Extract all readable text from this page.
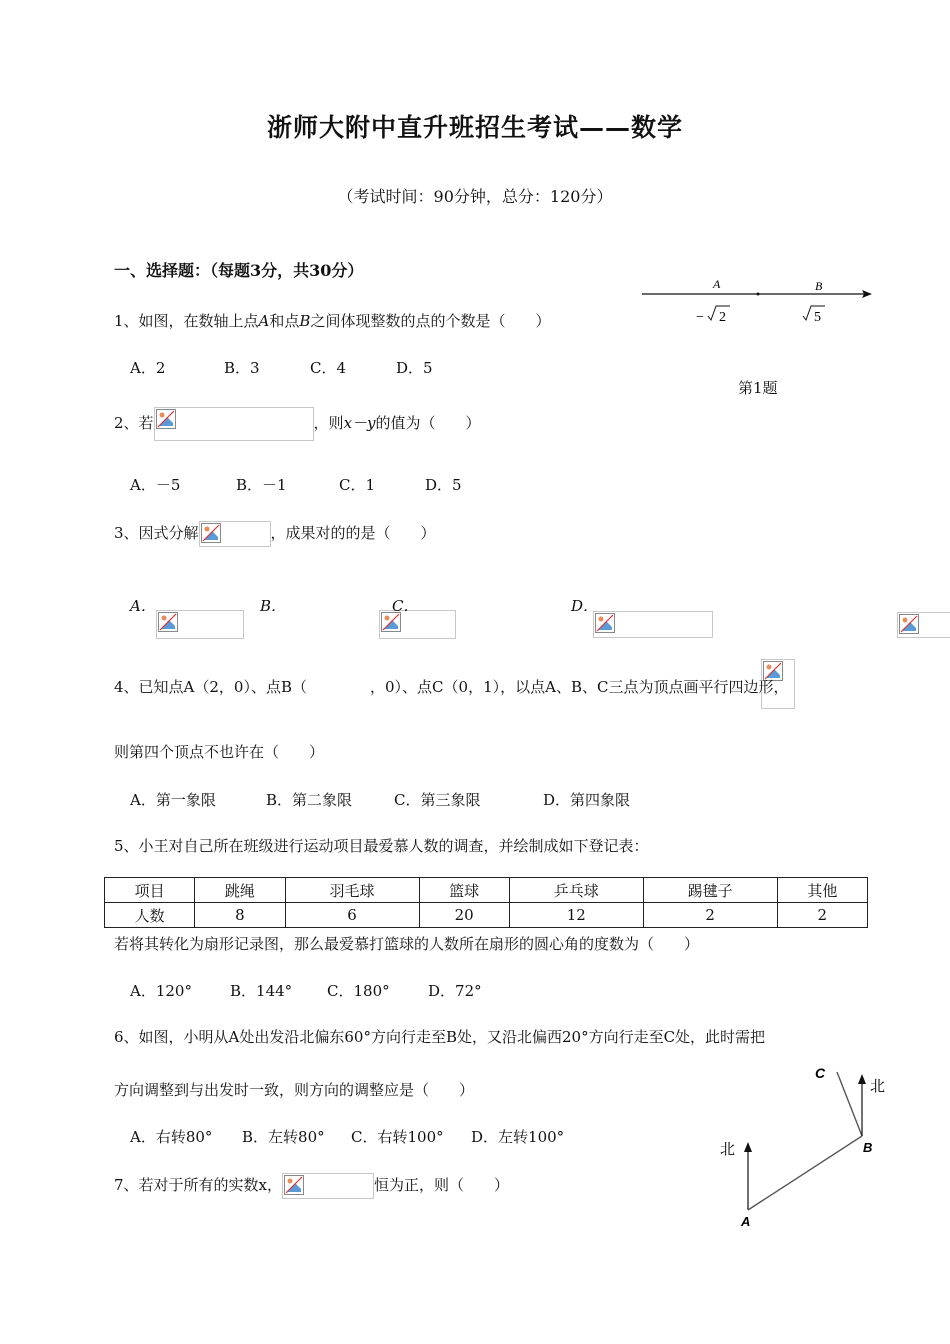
浙师大附中直升班招生考试——数学
（考试时间：90分钟，总分：120分）
一、选择题：（每题3分，共30分）
A	B
− 2	5
第1题
1、如图，在数轴上点A和点B之间体现整数的点的个数是（　　）
A．2	B．3	C．4	D．5
2、若	，则x－y的值为（　　）
A．－5	B．－1	C．1	D．5
3、因式分解	，成果对的的是（　　）
A．
	B．
	C．
	D．

4、已知点A（2，0）、点B（	，0）、点C（0，1），以点A、B、C三点为顶点画平行四边形，
则第四个顶点不也许在（　　）
A．第一象限	B．第二象限	C．第三象限	D．第四象限
5、小王对自己所在班级进行运动项目最爱慕人数的调查，并绘制成如下登记表：
项目	跳绳	羽毛球	篮球	乒乓球	踢毽子	其他
人数	8	6	20	12	2	2
若将其转化为扇形记录图，那么最爱慕打篮球的人数所在扇形的圆心角的度数为（　　）
A．120°	B．144° C．180°	D．72°
6、如图，小明从A处出发沿北偏东60°方向行走至B处，又沿北偏西20°方向行走至C处，此时需把
方向调整到与出发时一致，则方向的调整应是（　　）
A．右转80° B．左转80° C．右转100° D．左转100°
北
北
A
B
C
7、若对于所有的实数x，	恒为正，则（　　）
